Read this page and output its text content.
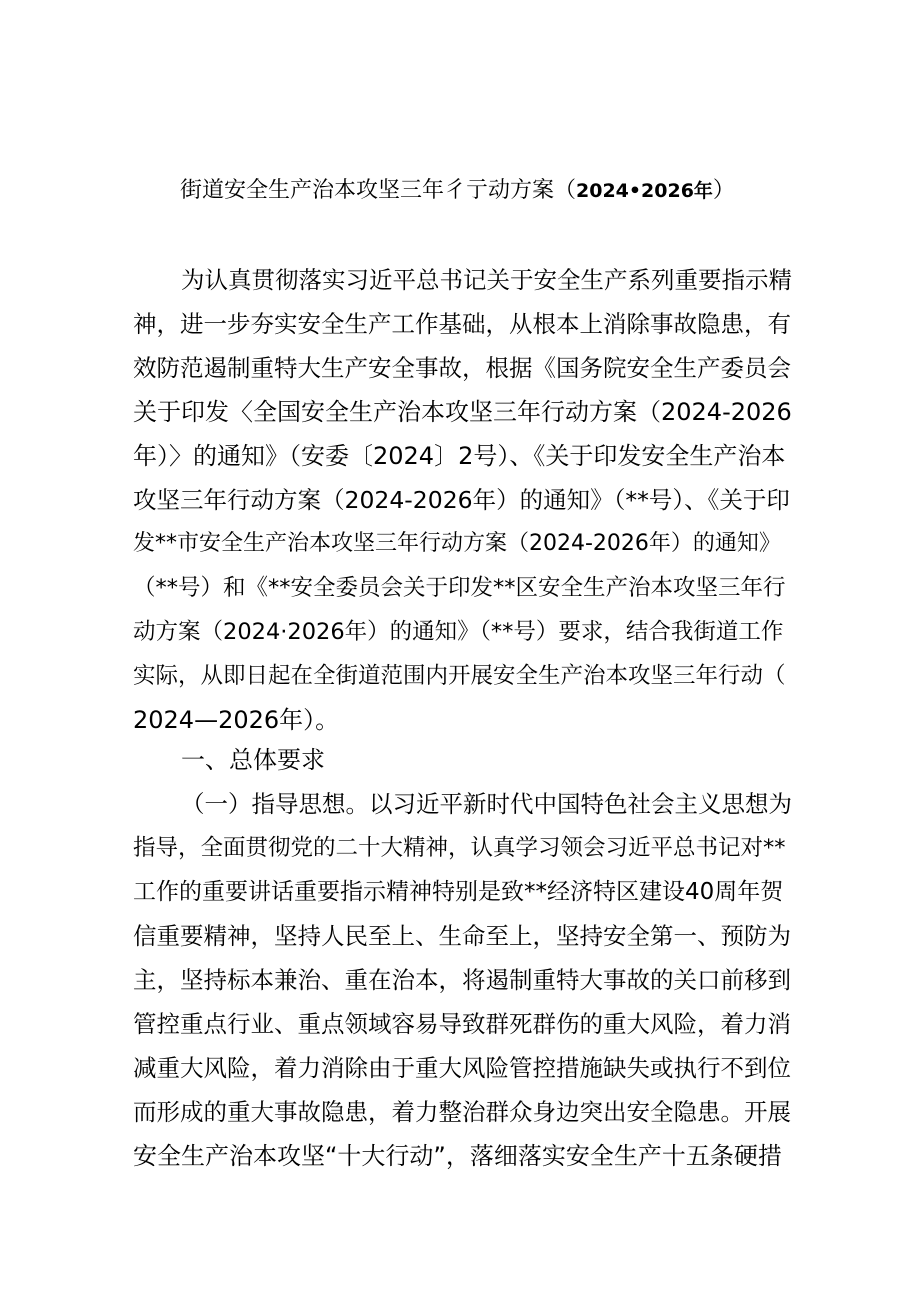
街道安全生产治本攻坚三年彳亍动方案（2024•2026年）
为认真贯彻落实习近平总书记关于安全生产系列重要指示精
神，进一步夯实安全生产工作基础，从根本上消除事故隐患，有
效防范遏制重特大生产安全事故，根据《国务院安全生产委员会
关于印发〈全国安全生产治本攻坚三年行动方案（2024-2026
年）〉的通知》（安委〔2024〕2号）、《关于印发安全生产治本
攻坚三年行动方案（2024-2026年）的通知》（**号）、《关于印
发**市安全生产治本攻坚三年行动方案（2024-2026年）的通知》
（**号）和《**安全委员会关于印发**区安全生产治本攻坚三年行
动方案（2024·2026年）的通知》（**号）要求，结合我街道工作
实际，从即日起在全街道范围内开展安全生产治本攻坚三年行动（
2024—2026年）。
一、总体要求
（一）指导思想。以习近平新时代中国特色社会主义思想为
指导，全面贯彻党的二十大精神，认真学习领会习近平总书记对**
工作的重要讲话重要指示精神特别是致**经济特区建设40周年贺
信重要精神，坚持人民至上、生命至上，坚持安全第一、预防为
主，坚持标本兼治、重在治本，将遏制重特大事故的关口前移到
管控重点行业、重点领域容易导致群死群伤的重大风险，着力消
减重大风险，着力消除由于重大风险管控措施缺失或执行不到位
而形成的重大事故隐患，着力整治群众身边突出安全隐患。开展
安全生产治本攻坚“十大行动”，落细落实安全生产十五条硬措
